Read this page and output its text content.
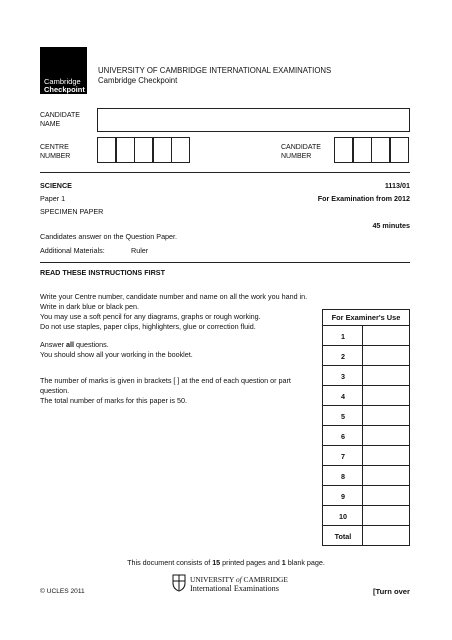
Cambridge
Checkpoint
UNIVERSITY OF CAMBRIDGE INTERNATIONAL EXAMINATIONS
Cambridge Checkpoint
CANDIDATE
NAME
CENTRE
NUMBER
CANDIDATE
NUMBER
SCIENCE	1113/01
Paper 1	For Examination from 2012
SPECIMEN PAPER
45 minutes
Candidates answer on the Question Paper.
Additional Materials:	Ruler
READ THESE INSTRUCTIONS FIRST
Write your Centre number, candidate number and name on all the work you hand in.
Write in dark blue or black pen.
You may use a soft pencil for any diagrams, graphs or rough working.
Do not use staples, paper clips, highlighters, glue or correction fluid.
Answer all questions.
You should show all your working in the booklet.
The number of marks is given in brackets [ ] at the end of each question or part
question.
The total number of marks for this paper is 50.
For Examiner's Use
1
2
3
4
5
6
7
8
9
10
Total
This document consists of 15 printed pages and 1 blank page.
UNIVERSITY of CAMBRIDGE
International Examinations
© UCLES 2011	[Turn over
